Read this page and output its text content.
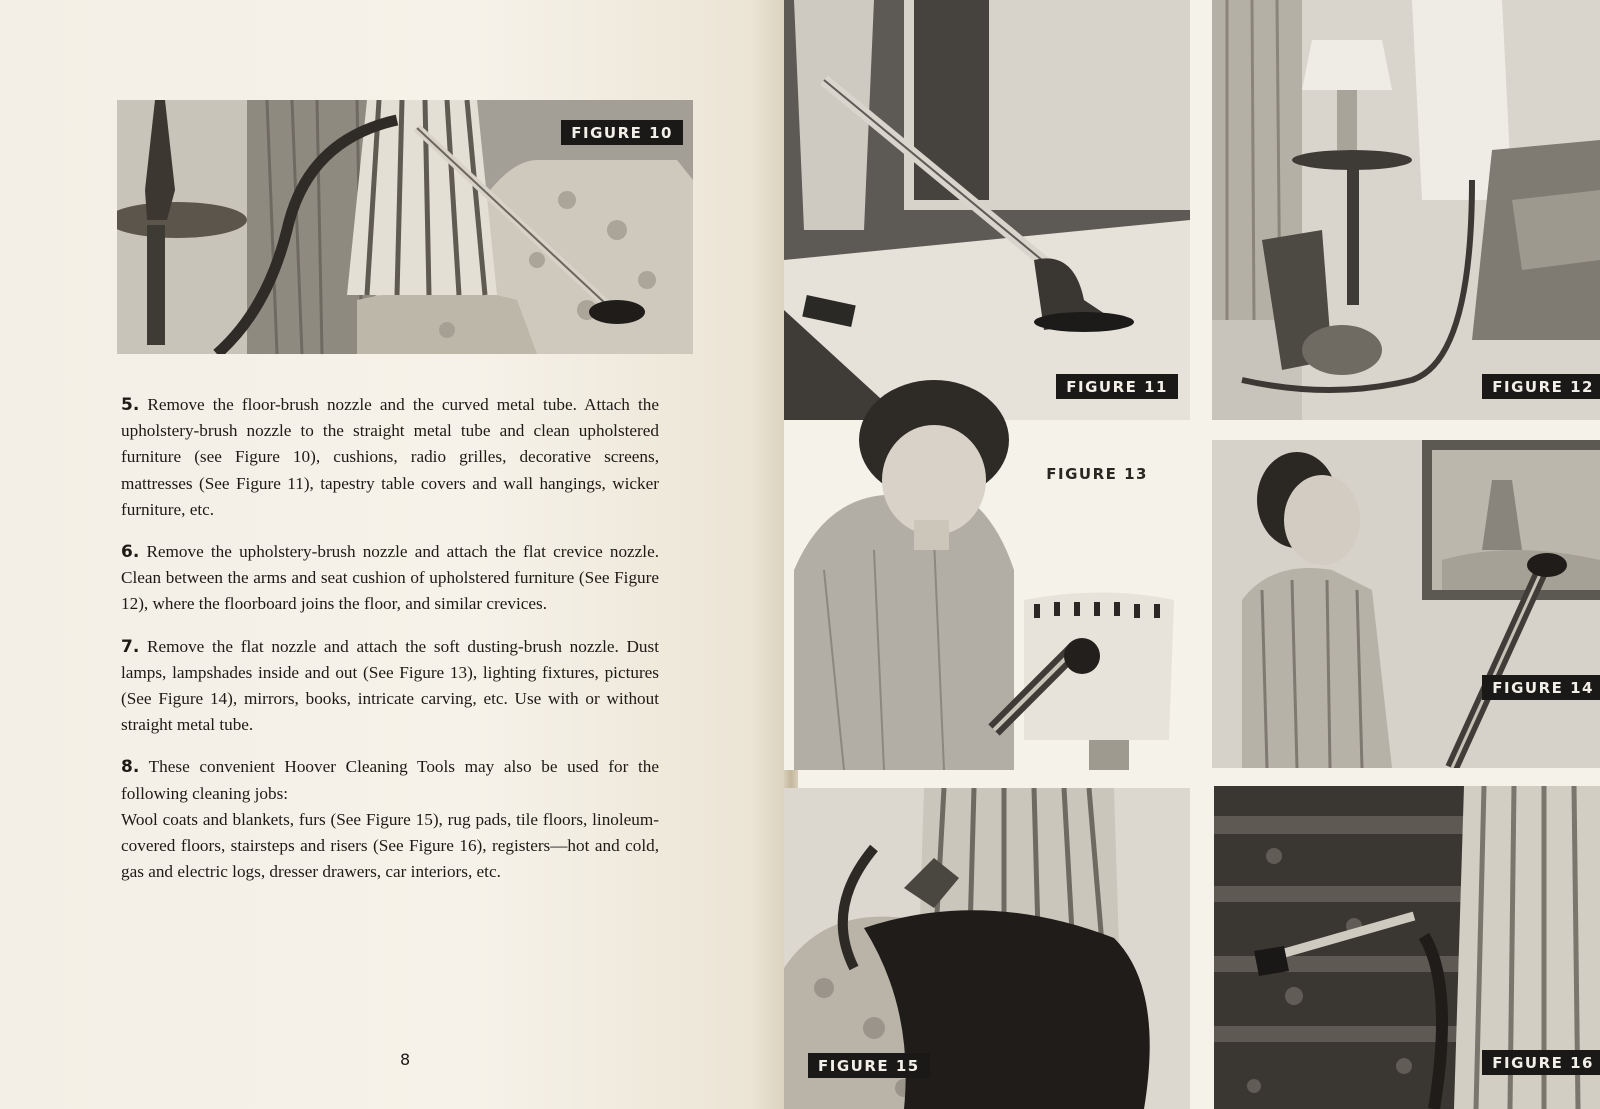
FIGURE 10

5. Remove the floor-brush nozzle and the curved metal tube. Attach the upholstery-brush nozzle to the straight metal tube and clean upholstered furniture (see Figure 10), cushions, radio grilles, decorative screens, mattresses (See Figure 11), tapestry table covers and wall hangings, wicker furniture, etc.

6. Remove the upholstery-brush nozzle and attach the flat crevice nozzle. Clean between the arms and seat cushion of upholstered furniture (See Figure 12), where the floorboard joins the floor, and similar crevices.

7. Remove the flat nozzle and attach the soft dusting-brush nozzle. Dust lamps, lampshades inside and out (See Figure 13), lighting fixtures, pictures (See Figure 14), mirrors, books, intricate carving, etc. Use with or without straight metal tube.

8. These convenient Hoover Cleaning Tools may also be used for the following cleaning jobs:
Wool coats and blankets, furs (See Figure 15), rug pads, tile floors, linoleum-covered floors, stairsteps and risers (See Figure 16), registers—hot and cold, gas and electric logs, dresser drawers, car interiors, etc.

8
FIGURE 11	FIGURE 12
FIGURE 13
FIGURE 14
FIGURE 15	FIGURE 16
